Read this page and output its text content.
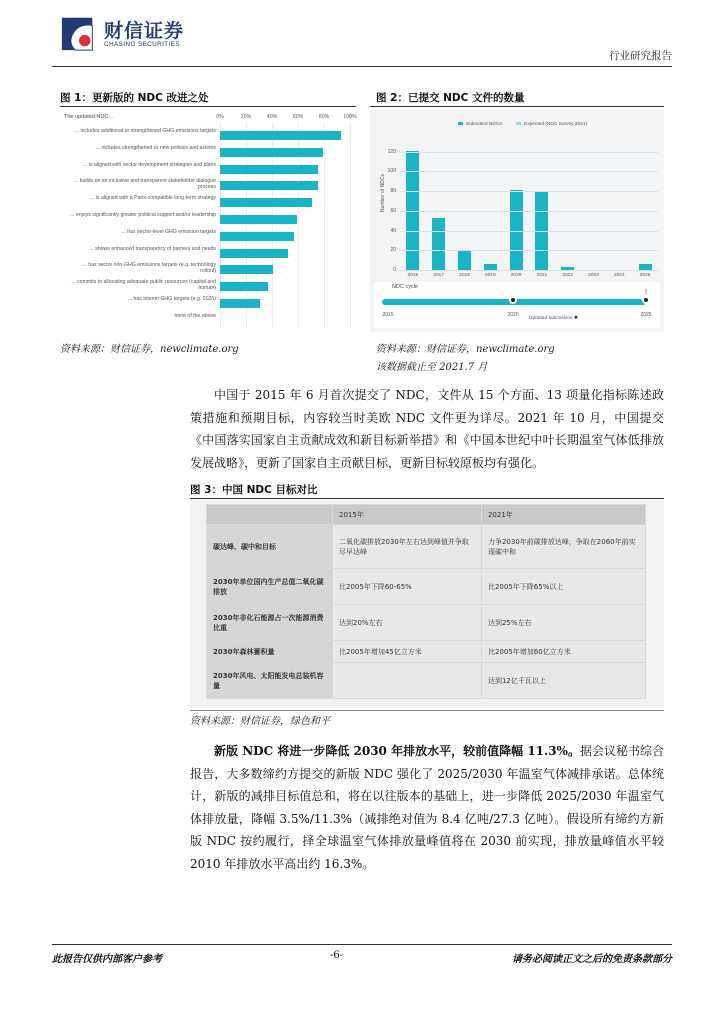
财信证券
CHASING SECURITIES
行业研究报告
图 1：更新版的 NDC 改进之处	图 2：已提交 NDC 文件的数量
The updated NDC...	0%	20%	40%	60%	80%	100%
... includes additional or strengthened GHG emissions targets
... includes strengthened or new policies and actions
... is aligned with sector development strategies and plans
... builds on an inclusive and transparent stakeholder dialogue process
... is aligned with a Paris-compatible long-term strategy
... enjoys significantly greater political support and/or leadership
... has sector-level GHG emission targets
... shows enhanced transparency of barriers and needs
... has sector non-GHG emissions targets (e.g. technology rollout)
... commits to allocating adequate public resources (capital and human)
... has interim GHG targets (e.g. 2025)
none of the above
Submitted NDCs	Expected (NDC Survey 2021)
Number of NDCs
NDC cycle
|
2015	2020	2025
Updated submission ✹
0
20
40
60
80
100
120
2016	2017	2018	2019	2020	2021	2022	2023	2024	2025
资料来源：财信证券，newclimate.org	资料来源：财信证券，newclimate.org
该数据截止至 2021.7 月
中国于 2015 年 6 月首次提交了 NDC，文件从 15 个方面、13 项量化指标陈述政策措施和预期目标，内容较当时美欧 NDC 文件更为详尽。2021 年 10 月，中国提交《中国落实国家自主贡献成效和新目标新举措》和《中国本世纪中叶长期温室气体低排放发展战略》，更新了国家自主贡献目标，更新目标较原板均有强化。
图 3：中国 NDC 目标对比
	2015年	2021年
碳达峰、碳中和目标	二氧化碳排放2030年左右达到峰值并争取尽早达峰	力争2030年前碳排放达峰，争取在2060年前实现碳中和
2030年单位国内生产总值二氧化碳排放	比2005年下降60-65%	比2005年下降65%以上
2030年非化石能源占一次能源消费比重	达到20%左右	达到25%左右
2030年森林蓄积量	比2005年增加45亿立方米	比2005年增加60亿立方米
2030年风电、太阳能发电总装机容量		达到12亿千瓦以上
资料来源：财信证券，绿色和平
新版 NDC 将进一步降低 2030 年排放水平，较前值降幅 11.3%。据会议秘书综合报告，大多数缔约方提交的新版 NDC 强化了 2025/2030 年温室气体减排承诺。总体统计，新版的减排目标值总和，将在以往版本的基础上，进一步降低 2025/2030 年温室气体排放量，降幅 3.5%/11.3%（减排绝对值为 8.4 亿吨/27.3 亿吨）。假设所有缔约方新版 NDC 按约履行，择全球温室气体排放量峰值将在 2030 前实现，排放量峰值水平较 2010 年排放水平高出约 16.3%。
此报告仅供内部客户参考	-6-	请务必阅读正文之后的免责条款部分
